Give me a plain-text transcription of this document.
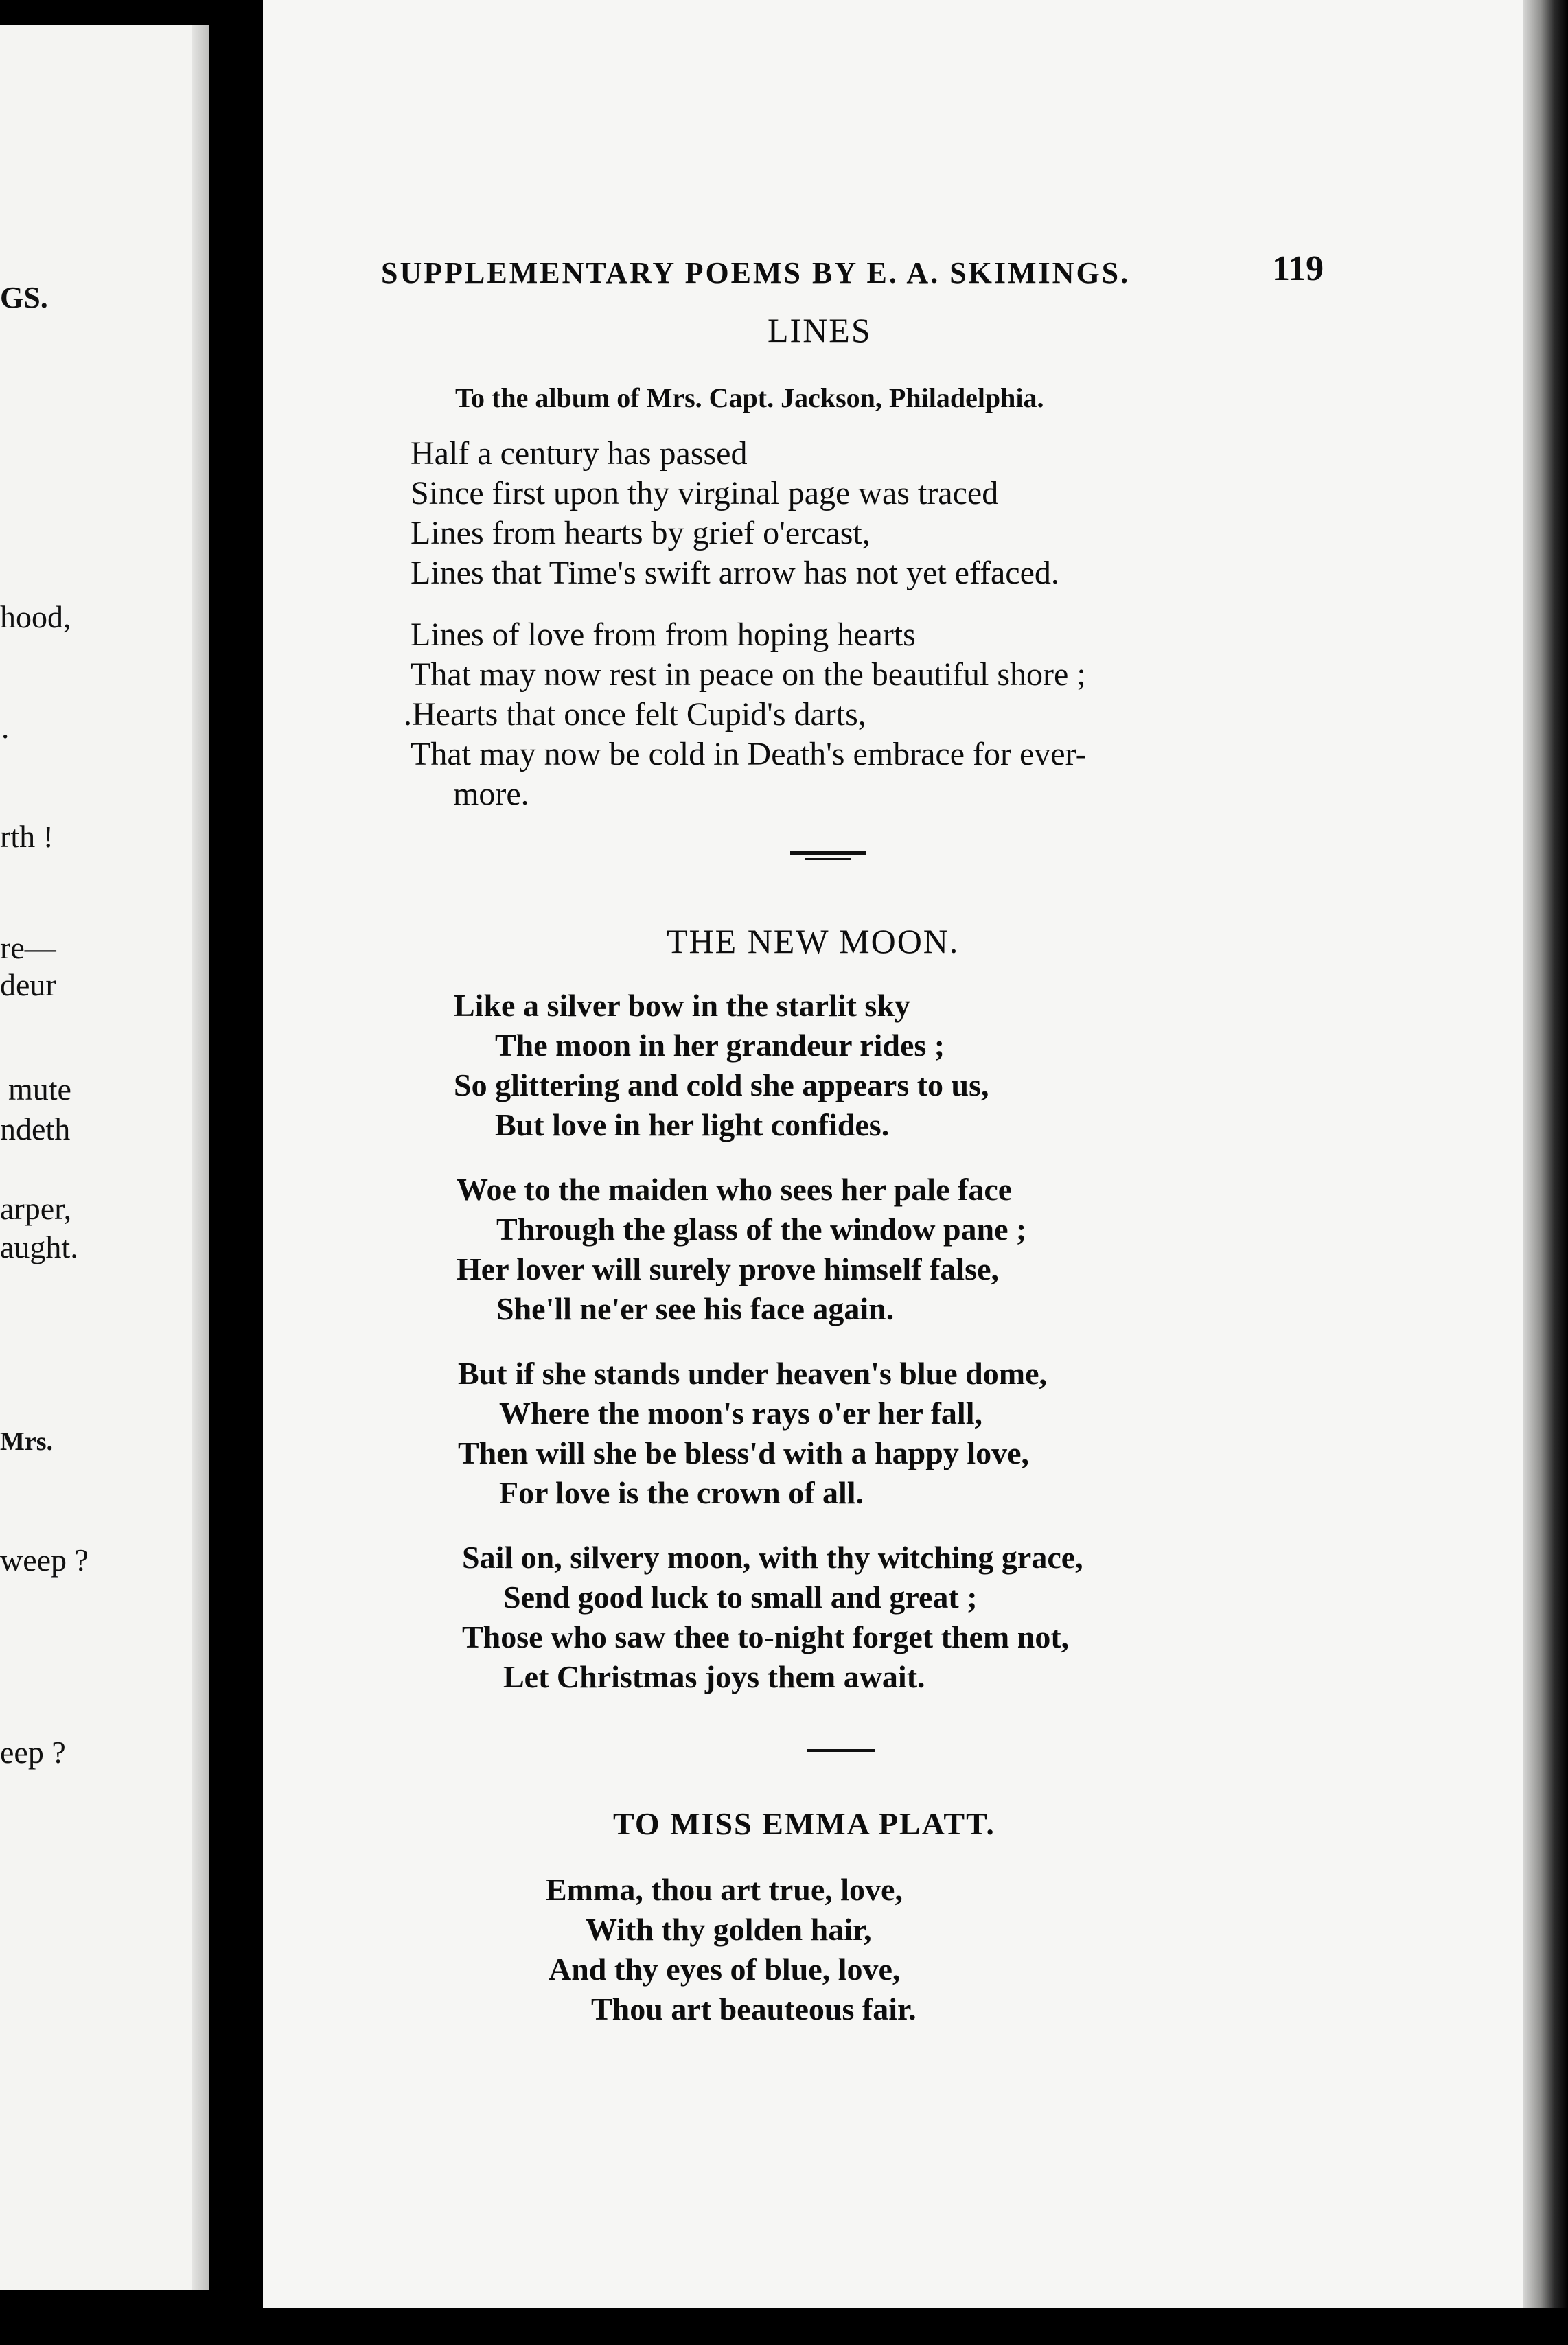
GS.
hood,
·
rth !
re—
deur
mute
ndeth
arper,
aught.
Mrs.
weep ?
eep ?
SUPPLEMENTARY POEMS BY E. A. SKIMINGS.	119
LINES
To the album of Mrs. Capt. Jackson, Philadelphia.
Half a century has passed
Since first upon thy virginal page was traced
Lines from hearts by grief o'ercast,
Lines that Time's swift arrow has not yet effaced.
Lines of love from from hoping hearts
That may now rest in peace on the beautiful shore ;
.Hearts that once felt Cupid's darts,
That may now be cold in Death's embrace for ever-
more.
THE NEW MOON.
Like a silver bow in the starlit sky
The moon in her grandeur rides ;
So glittering and cold she appears to us,
But love in her light confides.
Woe to the maiden who sees her pale face
Through the glass of the window pane ;
Her lover will surely prove himself false,
She'll ne'er see his face again.
But if she stands under heaven's blue dome,
Where the moon's rays o'er her fall,
Then will she be bless'd with a happy love,
For love is the crown of all.
Sail on, silvery moon, with thy witching grace,
Send good luck to small and great ;
Those who saw thee to-night forget them not,
Let Christmas joys them await.
TO MISS EMMA PLATT.
Emma, thou art true, love,
With thy golden hair,
And thy eyes of blue, love,
Thou art beauteous fair.
